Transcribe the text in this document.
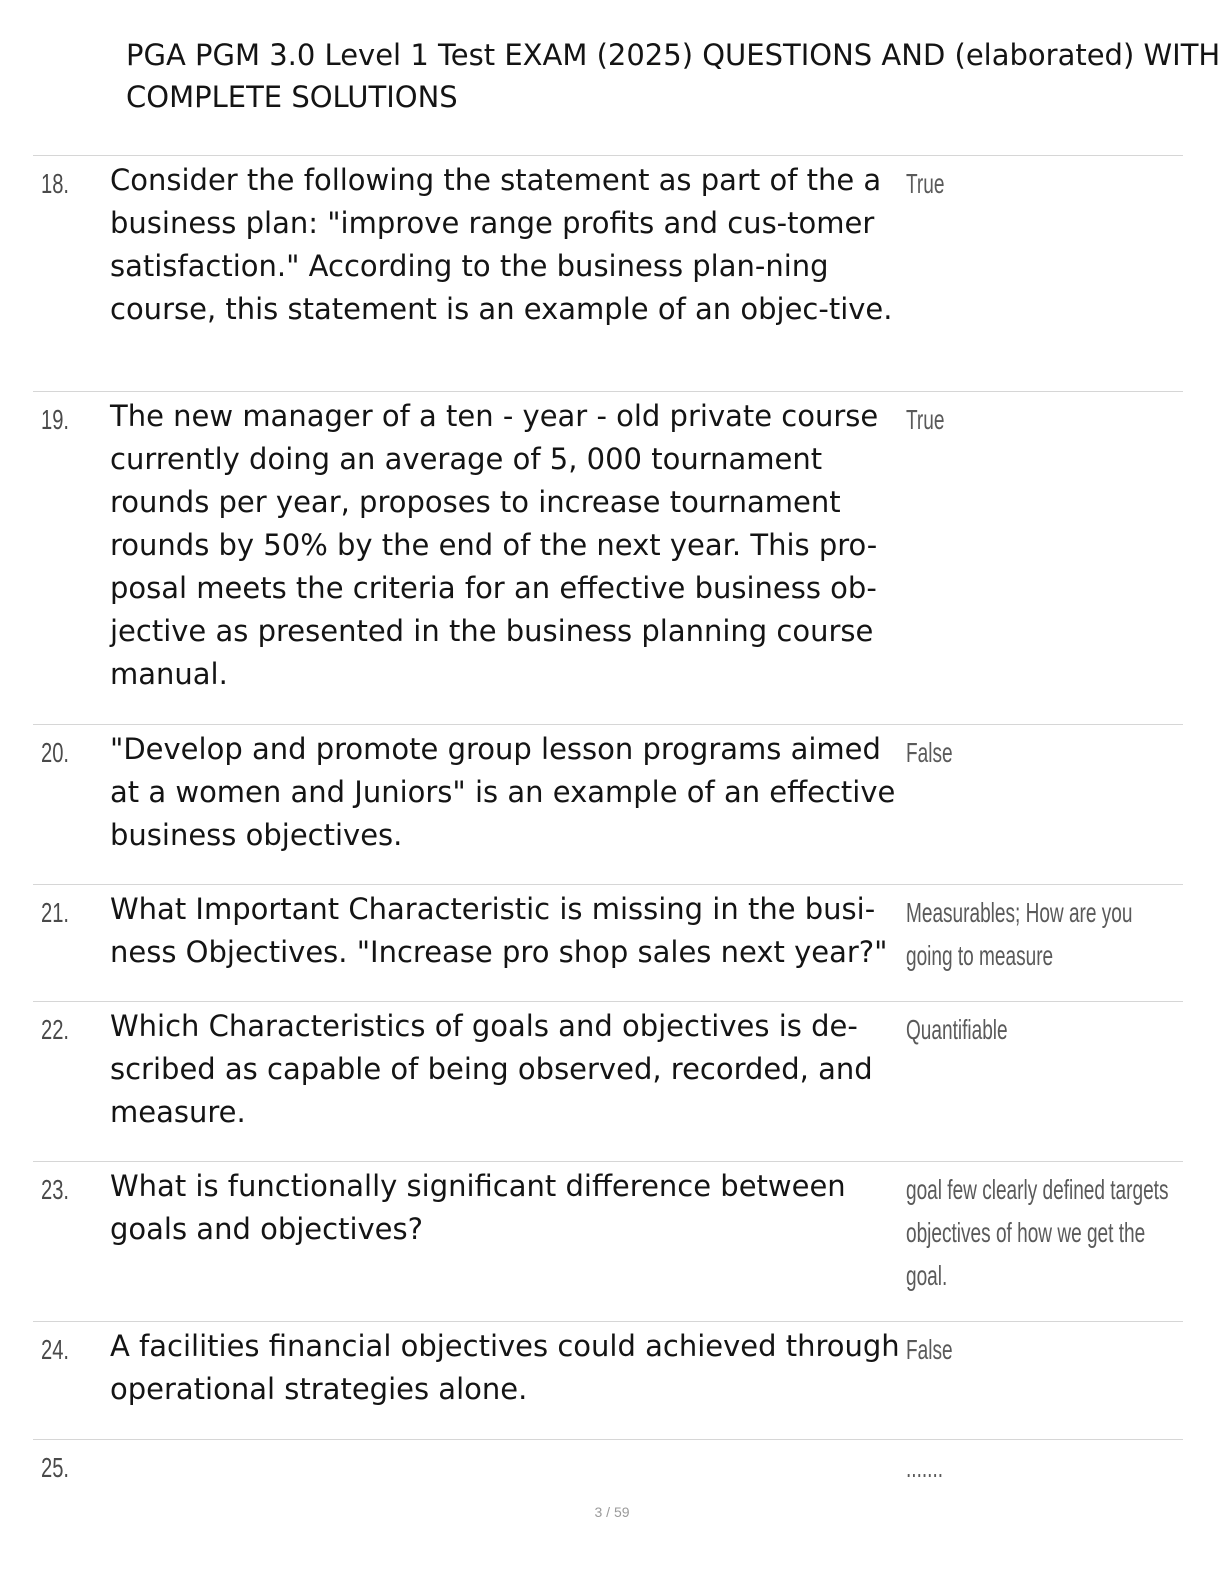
PGA PGM 3.0 Level 1 Test EXAM (2025) QUESTIONS AND (elaborated) WITH
COMPLETE SOLUTIONS
18. Consider the following the statement as part of the a business plan: "improve range profits and cus-tomer satisfaction." According to the business plan-ning course, this statement is an example of an objec-tive.
True
19. The new manager of a ten - year - old private course currently doing an average of 5, 000 tournament rounds per year, proposes to increase tournament rounds by 50% by the end of the next year. This pro-posal meets the criteria for an effective business ob-jective as presented in the business planning course manual.
True
20. "Develop and promote group lesson programs aimed at a women and Juniors" is an example of an effective business objectives.
False
21. What Important Characteristic is missing in the busi-ness Objectives. "Increase pro shop sales next year?"
Measurables; How are you going to measure
22. Which Characteristics of goals and objectives is de-scribed as capable of being observed, recorded, and measure.
Quantifiable
23. What is functionally significant difference between goals and objectives?
goal few clearly defined targets objectives of how we get the goal.
24. A facilities financial objectives could achieved through operational strategies alone.
False
25.	.......
3 / 59
